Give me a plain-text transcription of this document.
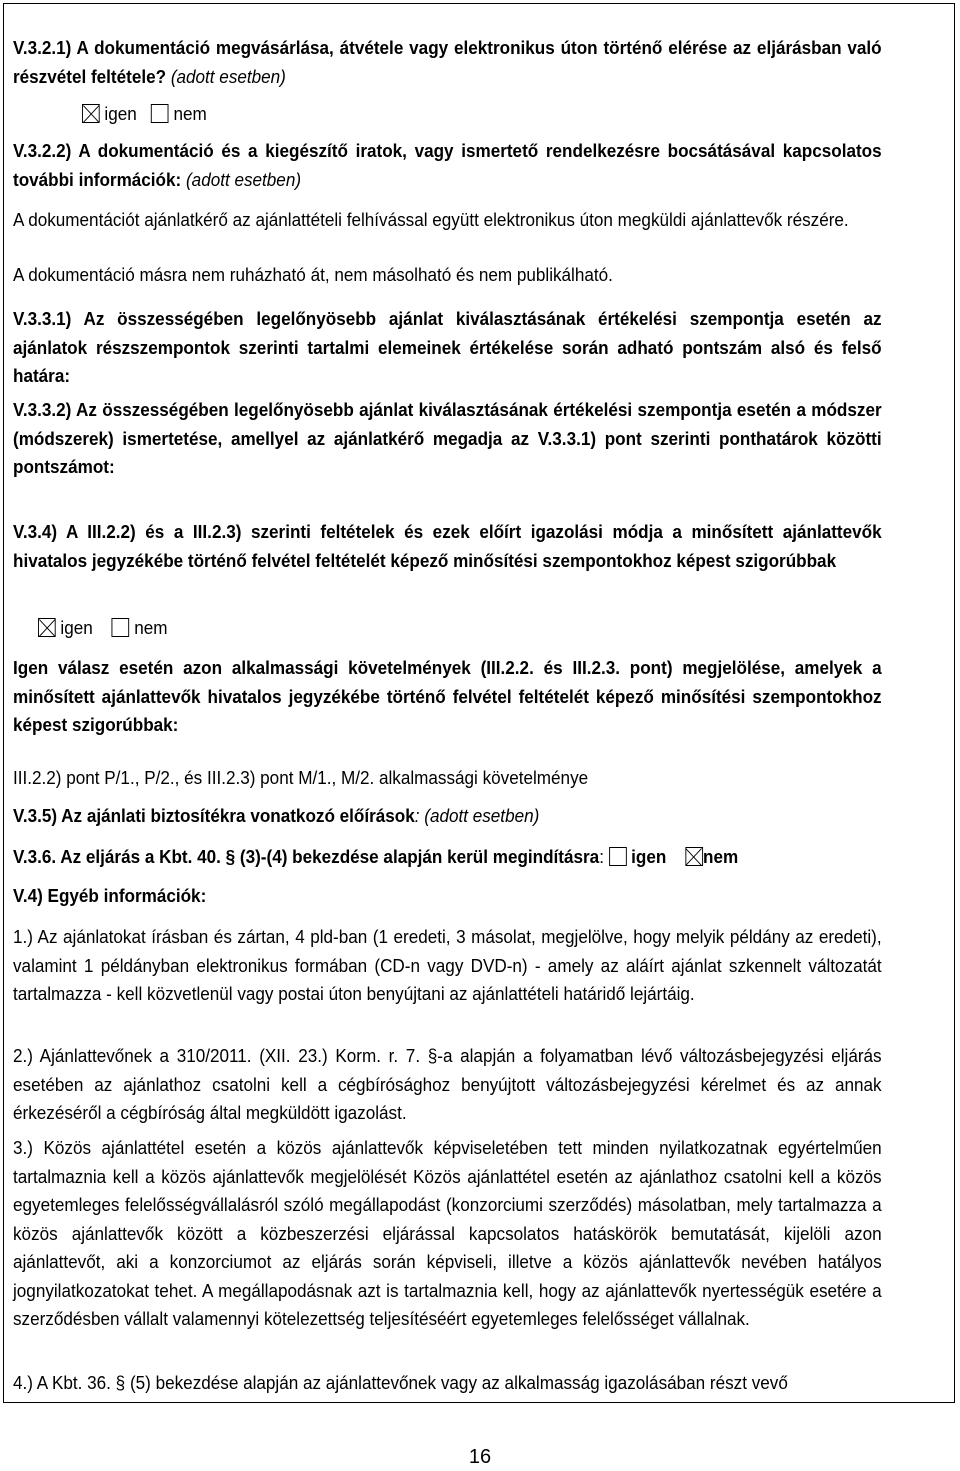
V.3.2.1) A dokumentáció megvásárlása, átvétele vagy elektronikus úton történő elérése az eljárásban való részvétel feltétele? (adott esetben)
igen nem
V.3.2.2) A dokumentáció és a kiegészítő iratok, vagy ismertető rendelkezésre bocsátásával kapcsolatos további információk: (adott esetben)
A dokumentációt ajánlatkérő az ajánlattételi felhívással együtt elektronikus úton megküldi ajánlattevők részére.
A dokumentáció másra nem ruházható át, nem másolható és nem publikálható.
V.3.3.1) Az összességében legelőnyösebb ajánlat kiválasztásának értékelési szempontja esetén az ajánlatok részszempontok szerinti tartalmi elemeinek értékelése során adható pontszám alsó és felső határa:
V.3.3.2) Az összességében legelőnyösebb ajánlat kiválasztásának értékelési szempontja esetén a módszer (módszerek) ismertetése, amellyel az ajánlatkérő megadja az V.3.3.1) pont szerinti ponthatárok közötti pontszámot:
V.3.4) A III.2.2) és a III.2.3) szerinti feltételek és ezek előírt igazolási módja a minősített ajánlattevők hivatalos jegyzékébe történő felvétel feltételét képező minősítési szempontokhoz képest szigorúbbak
igen nem
Igen válasz esetén azon alkalmassági követelmények (III.2.2. és III.2.3. pont) megjelölése, amelyek a minősített ajánlattevők hivatalos jegyzékébe történő felvétel feltételét képező minősítési szempontokhoz képest szigorúbbak:
III.2.2) pont P/1., P/2., és III.2.3) pont M/1., M/2. alkalmassági követelménye
V.3.5) Az ajánlati biztosítékra vonatkozó előírások: (adott esetben)
V.3.6. Az eljárás a Kbt. 40. § (3)-(4) bekezdése alapján kerül megindításra: igen nem
V.4) Egyéb információk:
1.) Az ajánlatokat írásban és zártan, 4 pld-ban (1 eredeti, 3 másolat, megjelölve, hogy melyik példány az eredeti), valamint 1 példányban elektronikus formában (CD-n vagy DVD-n) - amely az aláírt ajánlat szkennelt változatát tartalmazza - kell közvetlenül vagy postai úton benyújtani az ajánlattételi határidő lejártáig.
2.) Ajánlattevőnek a 310/2011. (XII. 23.) Korm. r. 7. §-a alapján a folyamatban lévő változásbejegyzési eljárás esetében az ajánlathoz csatolni kell a cégbírósághoz benyújtott változásbejegyzési kérelmet és az annak érkezéséről a cégbíróság által megküldött igazolást.
3.) Közös ajánlattétel esetén a közös ajánlattevők képviseletében tett minden nyilatkozatnak egyértelműen tartalmaznia kell a közös ajánlattevők megjelölését Közös ajánlattétel esetén az ajánlathoz csatolni kell a közös egyetemleges felelősségvállalásról szóló megállapodást (konzorciumi szerződés) másolatban, mely tartalmazza a közös ajánlattevők között a közbeszerzési eljárással kapcsolatos hatáskörök bemutatását, kijelöli azon ajánlattevőt, aki a konzorciumot az eljárás során képviseli, illetve a közös ajánlattevők nevében hatályos jognyilatkozatokat tehet. A megállapodásnak azt is tartalmaznia kell, hogy az ajánlattevők nyertességük esetére a szerződésben vállalt valamennyi kötelezettség teljesítéséért egyetemleges felelősséget vállalnak.
4.) A Kbt. 36. § (5) bekezdése alapján az ajánlattevőnek vagy az alkalmasság igazolásában részt vevő
16
